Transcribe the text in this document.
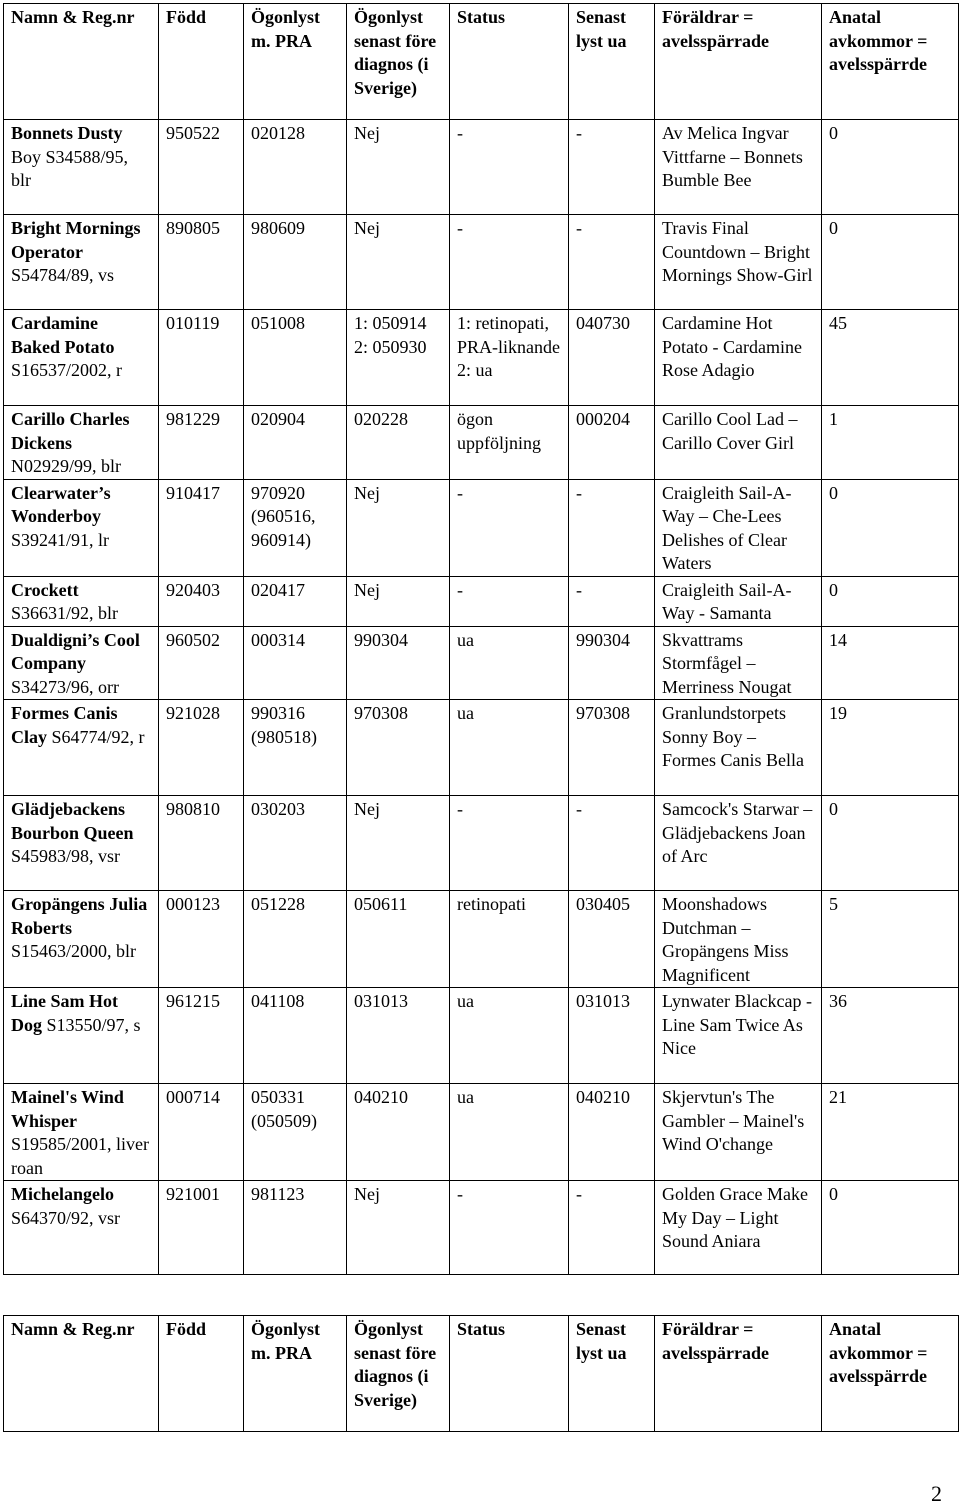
Namn & Reg.nr	Född	Ögonlyst m. PRA	Ögonlyst senast före diagnos (i Sverige)	Status	Senast lyst ua	Föräldrar = avelsspärrade	Anatal avkommor = avelsspärrde
Bonnets Dusty Boy S34588/95, blr	950522	020128	Nej	-	-	Av Melica Ingvar Vittfarne – Bonnets Bumble Bee	0
Bright Mornings Operator S54784/89, vs	890805	980609	Nej	-	-	Travis Final Countdown – Bright Mornings Show-Girl	0
Cardamine Baked Potato S16537/2002, r	010119	051008	1: 050914 2: 050930	1: retinopati, PRA-liknande 2: ua	040730	Cardamine Hot Potato - Cardamine Rose Adagio	45
Carillo Charles Dickens N02929/99, blr	981229	020904	020228	ögon uppföljning	000204	Carillo Cool Lad – Carillo Cover Girl	1
Clearwater’s Wonderboy S39241/91, lr	910417	970920 (960516, 960914)	Nej	-	-	Craigleith Sail-A-Way – Che-Lees Delishes of Clear Waters	0
Crockett S36631/92, blr	920403	020417	Nej	-	-	Craigleith Sail-A-Way - Samanta	0
Dualdigni’s Cool Company S34273/96, orr	960502	000314	990304	ua	990304	Skvattrams Stormfågel – Merriness Nougat	14
Formes Canis Clay S64774/92, r	921028	990316 (980518)	970308	ua	970308	Granlundstorpets Sonny Boy – Formes Canis Bella	19
Glädjebackens Bourbon Queen S45983/98, vsr	980810	030203	Nej	-	-	Samcock's Starwar – Glädjebackens Joan of Arc	0
Gropängens Julia Roberts S15463/2000, blr	000123	051228	050611	retinopati	030405	Moonshadows Dutchman – Gropängens Miss Magnificent	5
Line Sam Hot Dog S13550/97, s	961215	041108	031013	ua	031013	Lynwater Blackcap - Line Sam Twice As Nice	36
Mainel's Wind Whisper S19585/2001, liver roan	000714	050331 (050509)	040210	ua	040210	Skjervtun's The Gambler – Mainel's Wind O'change	21
Michelangelo S64370/92, vsr	921001	981123	Nej	-	-	Golden Grace Make My Day – Light Sound Aniara	0
Namn & Reg.nr	Född	Ögonlyst m. PRA	Ögonlyst senast före diagnos (i Sverige)	Status	Senast lyst ua	Föräldrar = avelsspärrade	Anatal avkommor = avelsspärrde
2
